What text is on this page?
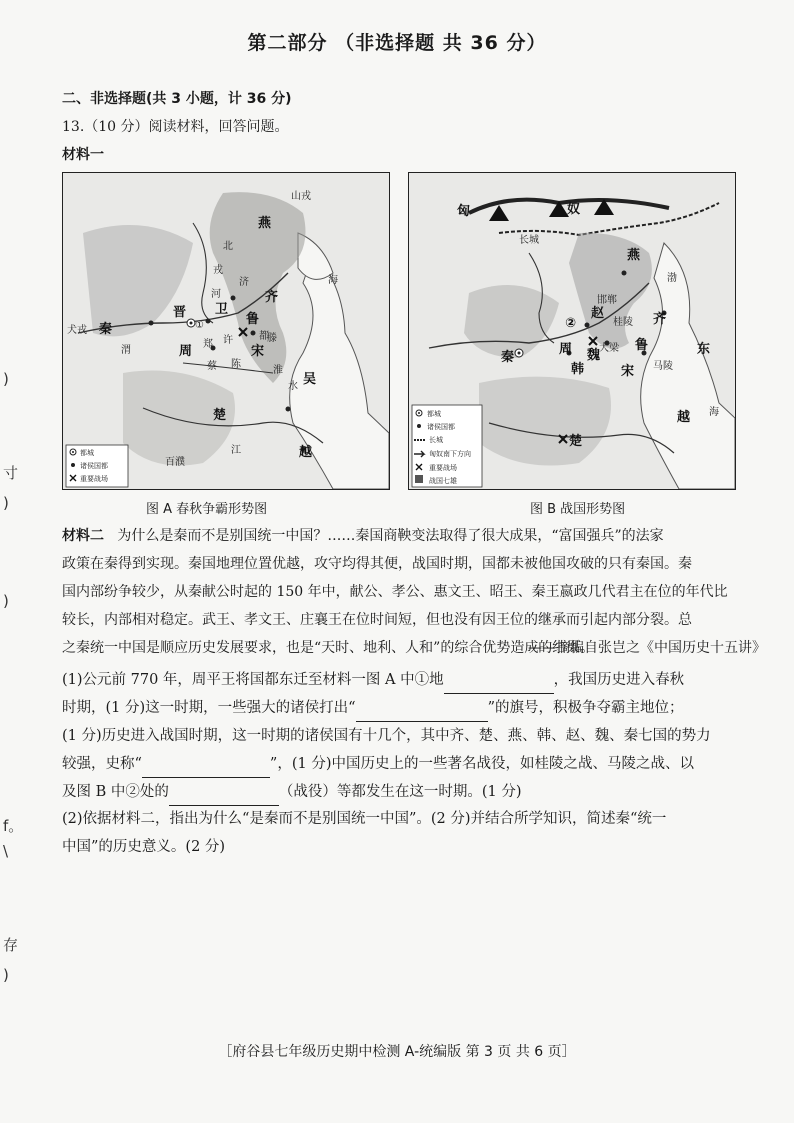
第二部分 （非选择题 共 36 分）
)
寸
)
)
f。
\
存
)
二、非选择题(共 3 小题，计 36 分)
13.（10 分）阅读材料，回答问题。
材料一
山戎
燕
北
戎
河
济
齐
海
晋 卫
鲁
都
犬戎 秦	①
周 郑 许
宋
滕
蔡 陈
淮
吴
水
楚
百濮
江	越
渭
都城
诸侯国都
重要战场
匈	奴
长城
燕
赵
魏
韩
秦
周
齐
鲁
宋
楚
越
东
海
渤
②	桂陵
马陵
邯郸
大梁
都城
诸侯国都
长城
匈奴南下方向
重要战场
战国七雄
图 A 春秋争霸形势图	图 B 战国形势图
材料二 为什么是秦而不是别国统一中国？……秦国商鞅变法取得了很大成果，“富国强兵”的法家
政策在秦得到实现。秦国地理位置优越，攻守均得其便，战国时期，国都未被他国攻破的只有秦国。秦
国内部纷争较少，从秦献公时起的 150 年中，献公、孝公、惠文王、昭王、秦王嬴政几代君主在位的年代比
较长，内部相对稳定。武王、孝文王、庄襄王在位时间短，但也没有因王位的继承而引起内部分裂。总
之秦统一中国是顺应历史发展要求，也是“天时、地利、人和”的综合优势造成的结果。
——摘编自张岂之《中国历史十五讲》
(1)公元前 770 年，周平王将国都东迁至材料一图 A 中①地	，我国历史进入春秋
时期，(1 分)这一时期，一些强大的诸侯打出“	”的旗号，积极争夺霸主地位；
(1 分)历史进入战国时期，这一时期的诸侯国有十几个，其中齐、楚、燕、韩、赵、魏、秦七国的势力
较强，史称“	”，(1 分)中国历史上的一些著名战役，如桂陵之战、马陵之战、以
及图 B 中②处的	（战役）等都发生在这一时期。(1 分)
(2)依据材料二，指出为什么“是秦而不是别国统一中国”。(2 分)并结合所学知识，简述秦“统一
中国”的历史意义。(2 分)
［府谷县七年级历史期中检测 A-统编版 第 3 页 共 6 页］
